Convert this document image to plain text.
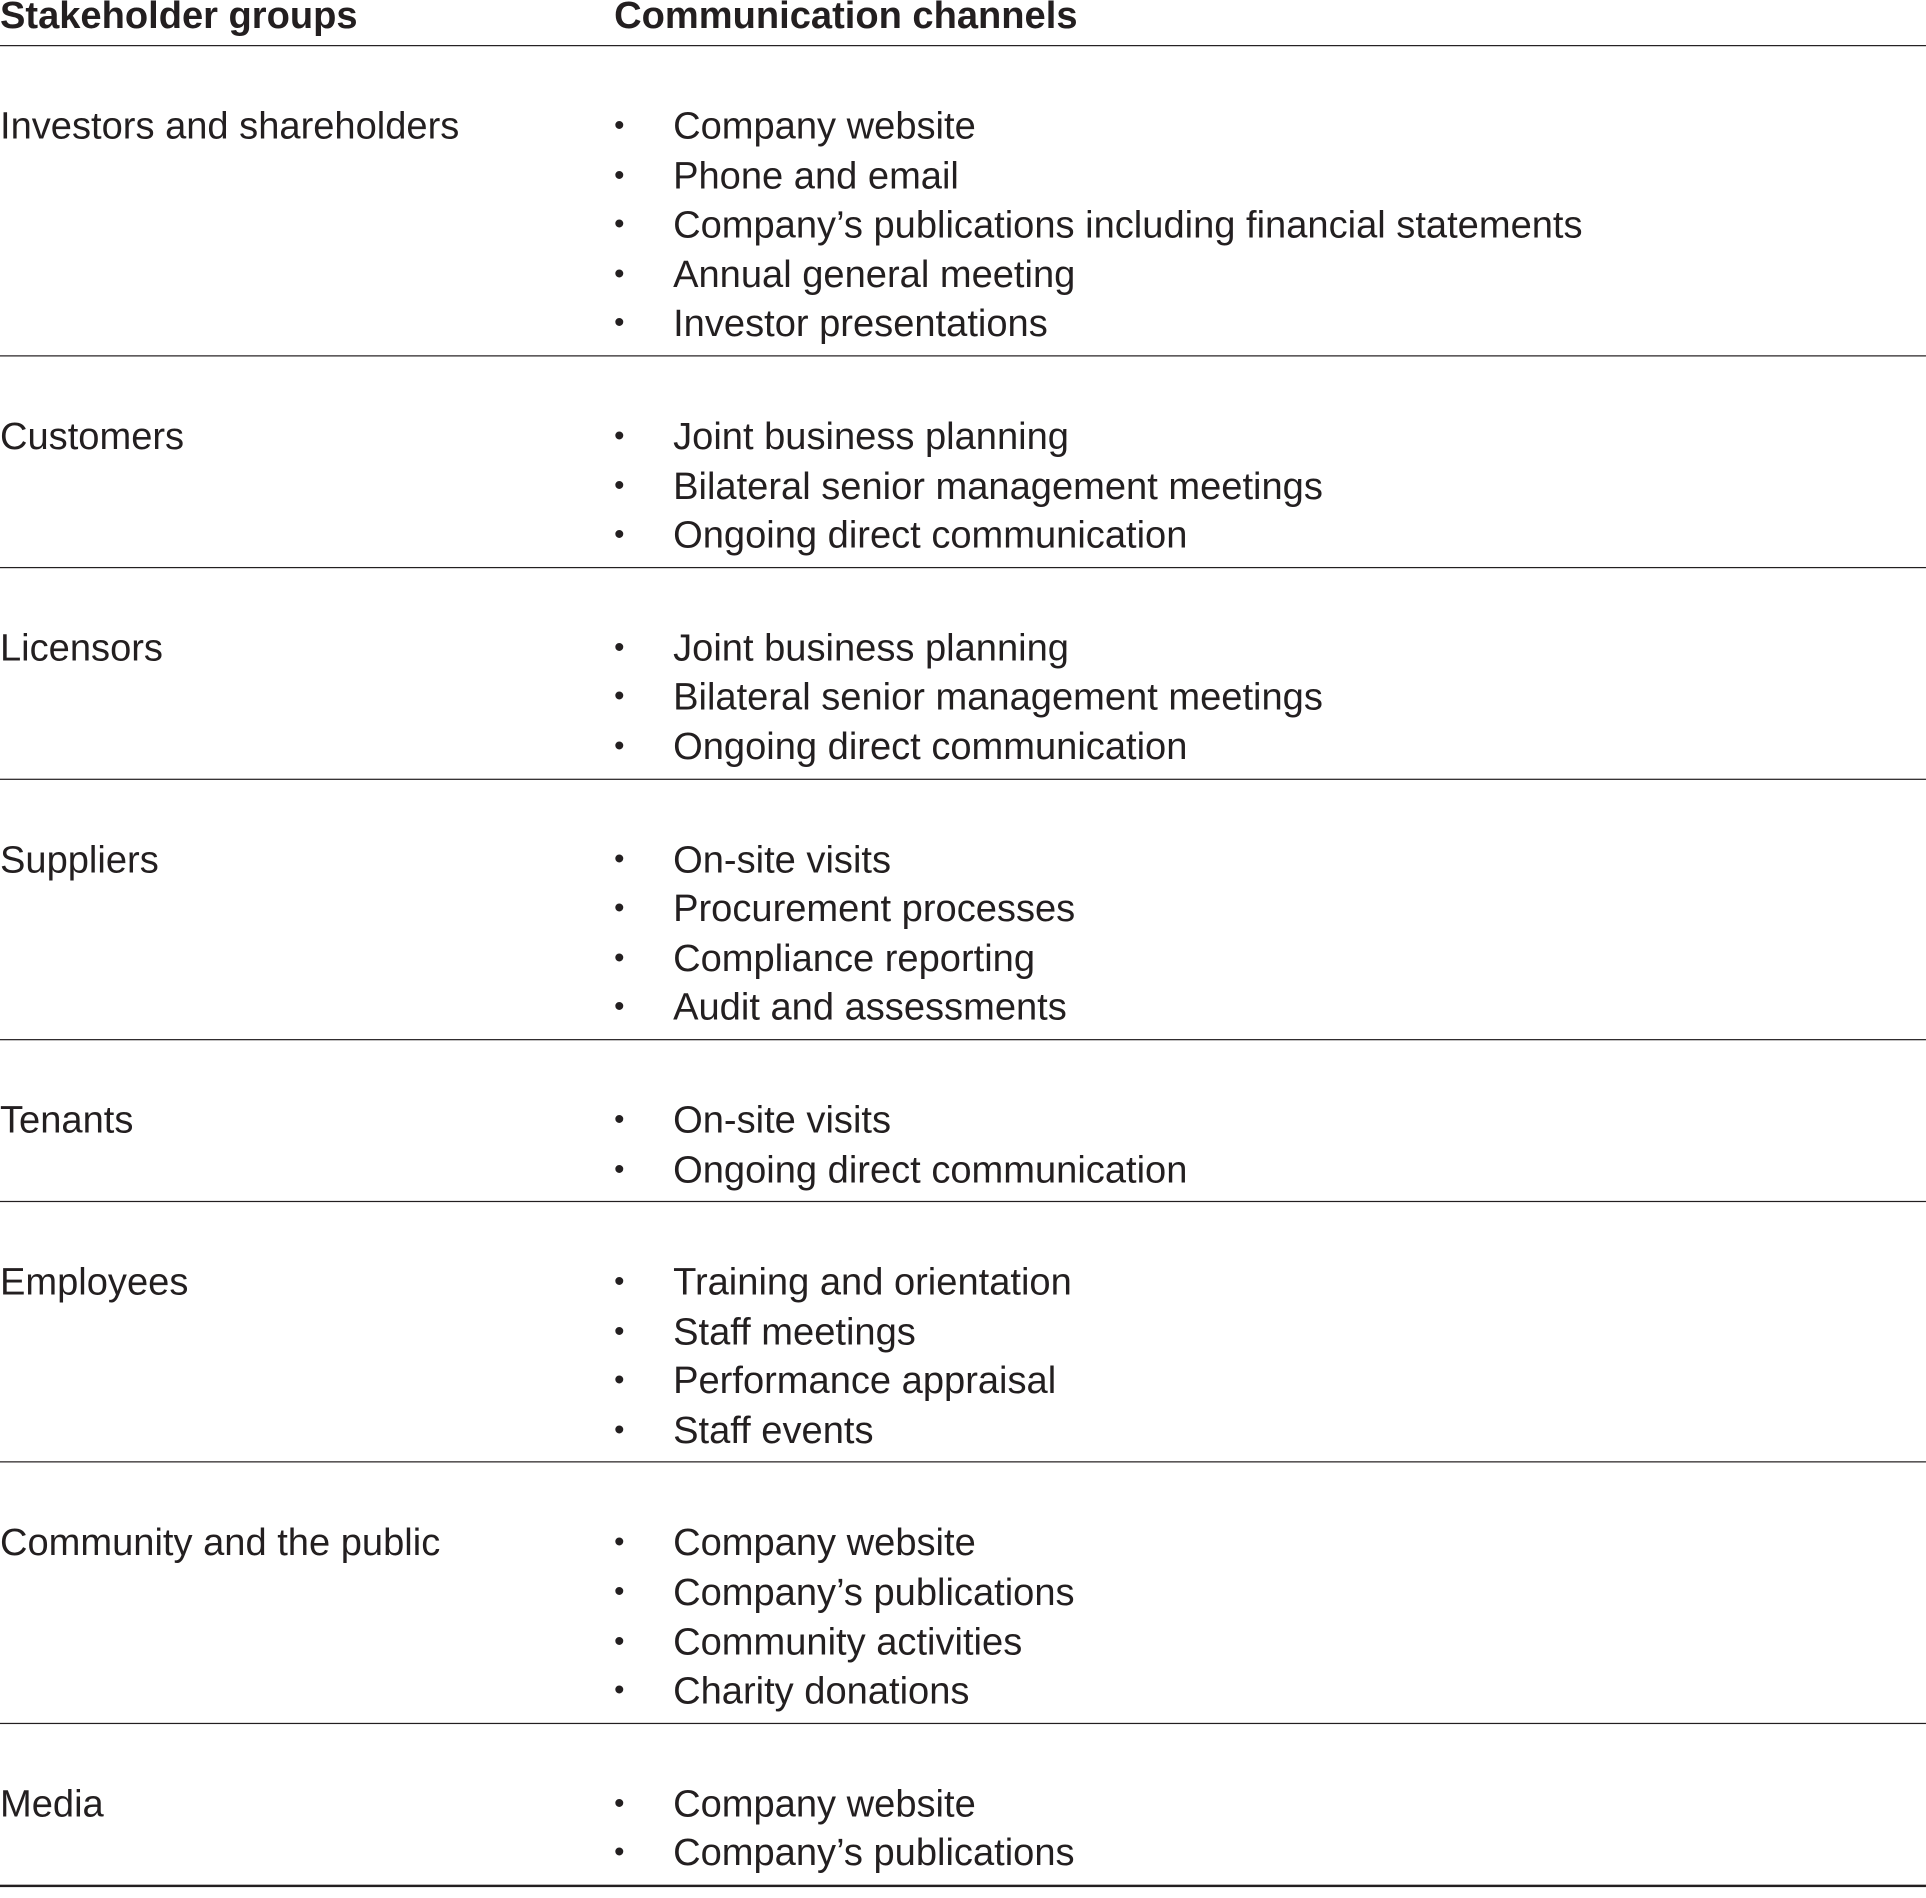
Stakeholder groups	Communication channels
Investors and shareholders	• Company website
• Phone and email
• Company’s publications including financial statements
• Annual general meeting
• Investor presentations
Customers	• Joint business planning
• Bilateral senior management meetings
• Ongoing direct communication
Licensors	• Joint business planning
• Bilateral senior management meetings
• Ongoing direct communication
Suppliers	• On-site visits
• Procurement processes
• Compliance reporting
• Audit and assessments
Tenants	• On-site visits
• Ongoing direct communication
Employees	• Training and orientation
• Staff meetings
• Performance appraisal
• Staff events
Community and the public	• Company website
• Company’s publications
• Community activities
• Charity donations
Media	• Company website
• Company’s publications
